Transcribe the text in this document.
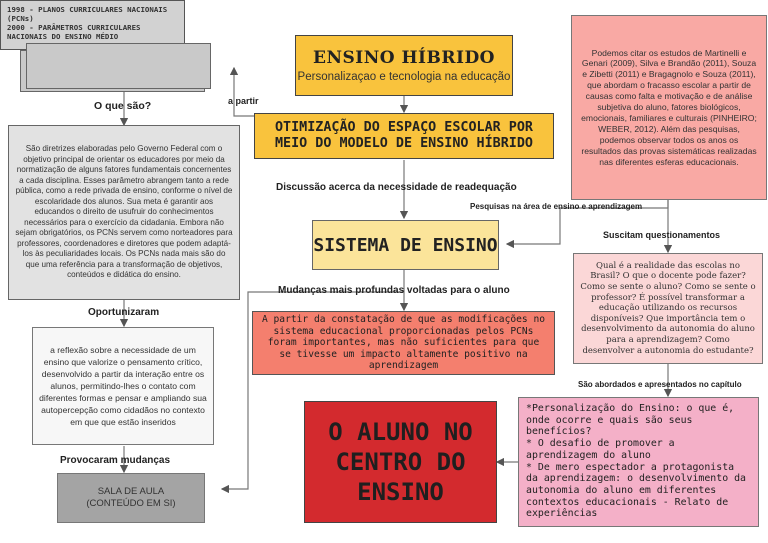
1998 - PLANOS CURRICULARES NACIONAIS (PCNs)
2000 - PARÂMETROS CURRICULARES NACIONAIS DO ENSINO MÉDIO
O que são?	a partir
São diretrizes elaboradas pelo Governo Federal com o objetivo principal de orientar os educadores por meio da normatização de alguns fatores fundamentais concernentes a cada disciplina. Esses parâmetro abrangem tanto a rede pública, como a rede privada de ensino, conforme o nível de escolaridade dos alunos. Sua meta é garantir aos educandos o direito de usufruir do conhecimentos necessários para o exercício da cidadania. Embora não sejam obrigatórios, os PCNs servem como norteadores para professores, coordenadores e diretores que podem adaptá-los às peculiaridades locais. Os PCNs nada mais são do que uma referência para a transformação de objetivos, conteúdos e didática do ensino.
Oportunizaram
a reflexão sobre a necessidade de um ensino que valorize o pensamento crítico, desenvolvido a partir da interação entre os alunos, permitindo-lhes o contato com diferentes formas e pensar e ampliando sua autopercepção como cidadãos no contexto em que que estão inseridos
Provocaram mudanças
SALA DE AULA
(CONTEÚDO EM SI)
ENSINO HÍBRIDO
Personalizaçao e tecnologia na educação
OTIMIZAÇÃO DO ESPAÇO ESCOLAR POR MEIO DO MODELO DE ENSINO HÍBRIDO
Discussão acerca da necessidade de readequação
Pesquisas na área de ensino e aprendizagem
SISTEMA DE ENSINO
Mudanças mais profundas voltadas para o aluno
A partir da constatação de que as modificações no sistema educacional proporcionadas pelos PCNs foram importantes, mas não suficientes para que se tivesse um impacto altamente positivo na aprendizagem
O ALUNO NO CENTRO DO ENSINO
Podemos citar os estudos de Martinelli e Genari (2009), Silva e Brandão (2011), Souza e Zibetti (2011) e Bragagnolo e Souza (2011), que abordam o fracasso escolar a partir de causas como falta e motivação e de análise subjetiva do aluno, fatores biológicos, emocionais, familiares e culturais (PINHEIRO; WEBER, 2012). Além das pesquisas, podemos observar todos os anos os resultados das provas sistemáticas realizadas nas diferentes esferas educacionais.
Suscitam questionamentos
Qual é a realidade das escolas no Brasil? O que o docente pode fazer? Como se sente o aluno? Como se sente o professor? É possível transformar a educação utilizando os recursos disponíveis? Que importância tem o desenvolvimento da autonomia do aluno para a aprendizagem? Como desenvolver a autonomia do estudante?
São abordados e apresentados no capítulo
*Personalização do Ensino: o que é, onde ocorre e quais são seus benefícios?
* O desafio de promover a aprendizagem do aluno
* De mero espectador a protagonista da aprendizagem: o desenvolvimento da autonomia do aluno em diferentes contextos educacionais - Relato de experiências
